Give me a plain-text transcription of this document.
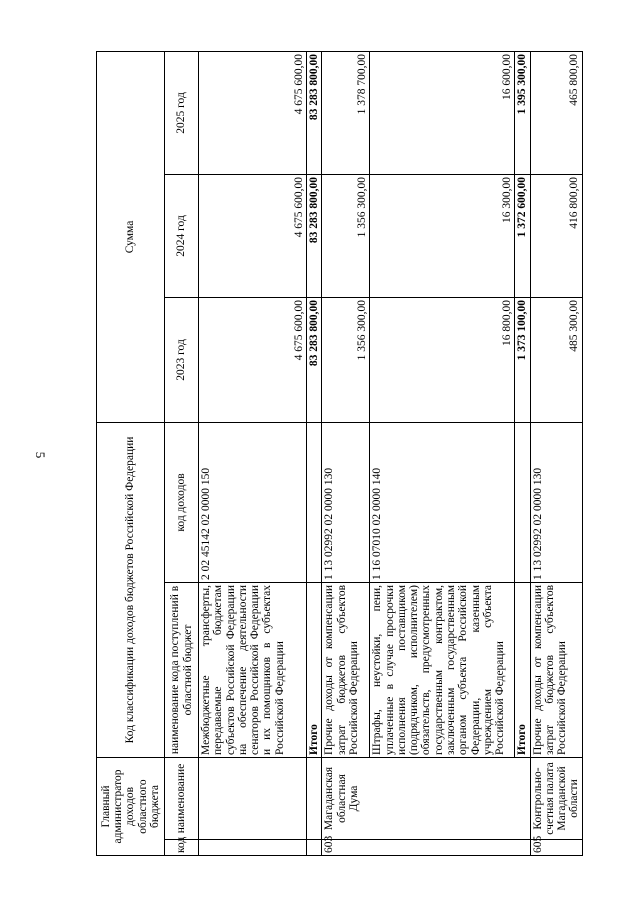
5
Главный администратор доходов областного бюджета		Код классификации доходов бюджетов Российской Федерации		Сумма		
код	наименование	наименование кода поступлений в областной бюджет	код доходов	2023 год	2024 год	2025 год
		Межбюджетные трансферты, передаваемые бюджетам субъектов Российской Федерации на обеспечение деятельности сенаторов Российской Федерации и их помощников в субъектах Российской Федерации	2 02 45142 02 0000 150	4 675 600,00	4 675 600,00	4 675 600,00
		Итого		83 283 800,00	83 283 800,00	83 283 800,00
603	Магаданская областная Дума	Прочие доходы от компенсации затрат бюджетов субъектов Российской Федерации	1 13 02992 02 0000 130	1 356 300,00	1 356 300,00	1 378 700,00
		Штрафы, неустойки, пени, уплаченные в случае просрочки исполнения поставщиком (подрядчиком, исполнителем) обязательств, предусмотренных государственным контрактом, заключенным государственным органом субъекта Российской Федерации, казенным учреждением субъекта Российской Федерации	1 16 07010 02 0000 140	16 800,00	16 300,00	16 600,00
		Итого		1 373 100,00	1 372 600,00	1 395 300,00
605	Контрольно-счетная палата Магаданской области	Прочие доходы от компенсации затрат бюджетов субъектов Российской Федерации	1 13 02992 02 0000 130	485 300,00	416 800,00	465 800,00
